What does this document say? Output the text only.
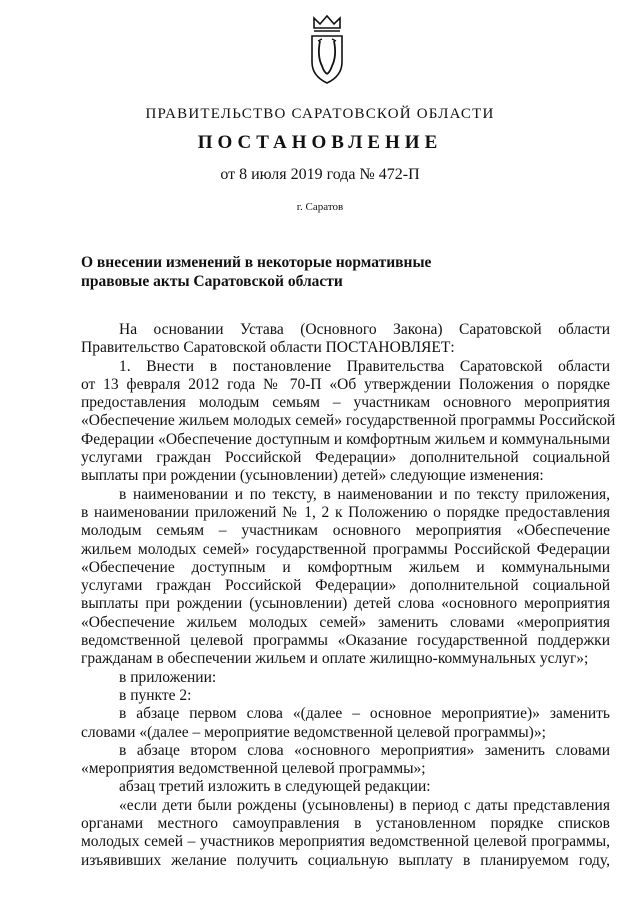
ПРАВИТЕЛЬСТВО САРАТОВСКОЙ ОБЛАСТИ
ПОСТАНОВЛЕНИЕ
от 8 июля 2019 года № 472-П
г. Саратов
О внесении изменений в некоторые нормативные
правовые акты Саратовской области
На основании Устава (Основного Закона) Саратовской области
Правительство Саратовской области ПОСТАНОВЛЯЕТ:
1. Внести в постановление Правительства Саратовской области
от 13 февраля 2012 года № 70-П «Об утверждении Положения о порядке
предоставления молодым семьям – участникам основного мероприятия
«Обеспечение жильем молодых семей» государственной программы Российской
Федерации «Обеспечение доступным и комфортным жильем и коммунальными
услугами граждан Российской Федерации» дополнительной социальной
выплаты при рождении (усыновлении) детей» следующие изменения:
в наименовании и по тексту, в наименовании и по тексту приложения,
в наименовании приложений № 1, 2 к Положению о порядке предоставления
молодым семьям – участникам основного мероприятия «Обеспечение
жильем молодых семей» государственной программы Российской Федерации
«Обеспечение доступным и комфортным жильем и коммунальными
услугами граждан Российской Федерации» дополнительной социальной
выплаты при рождении (усыновлении) детей слова «основного мероприятия
«Обеспечение жильем молодых семей» заменить словами «мероприятия
ведомственной целевой программы «Оказание государственной поддержки
гражданам в обеспечении жильем и оплате жилищно-коммунальных услуг»;
в приложении:
в пункте 2:
в абзаце первом слова «(далее – основное мероприятие)» заменить
словами «(далее – мероприятие ведомственной целевой программы)»;
в абзаце втором слова «основного мероприятия» заменить словами
«мероприятия ведомственной целевой программы»;
абзац третий изложить в следующей редакции:
«если дети были рождены (усыновлены) в период с даты представления
органами местного самоуправления в установленном порядке списков
молодых семей – участников мероприятия ведомственной целевой программы,
изъявивших желание получить социальную выплату в планируемом году,
